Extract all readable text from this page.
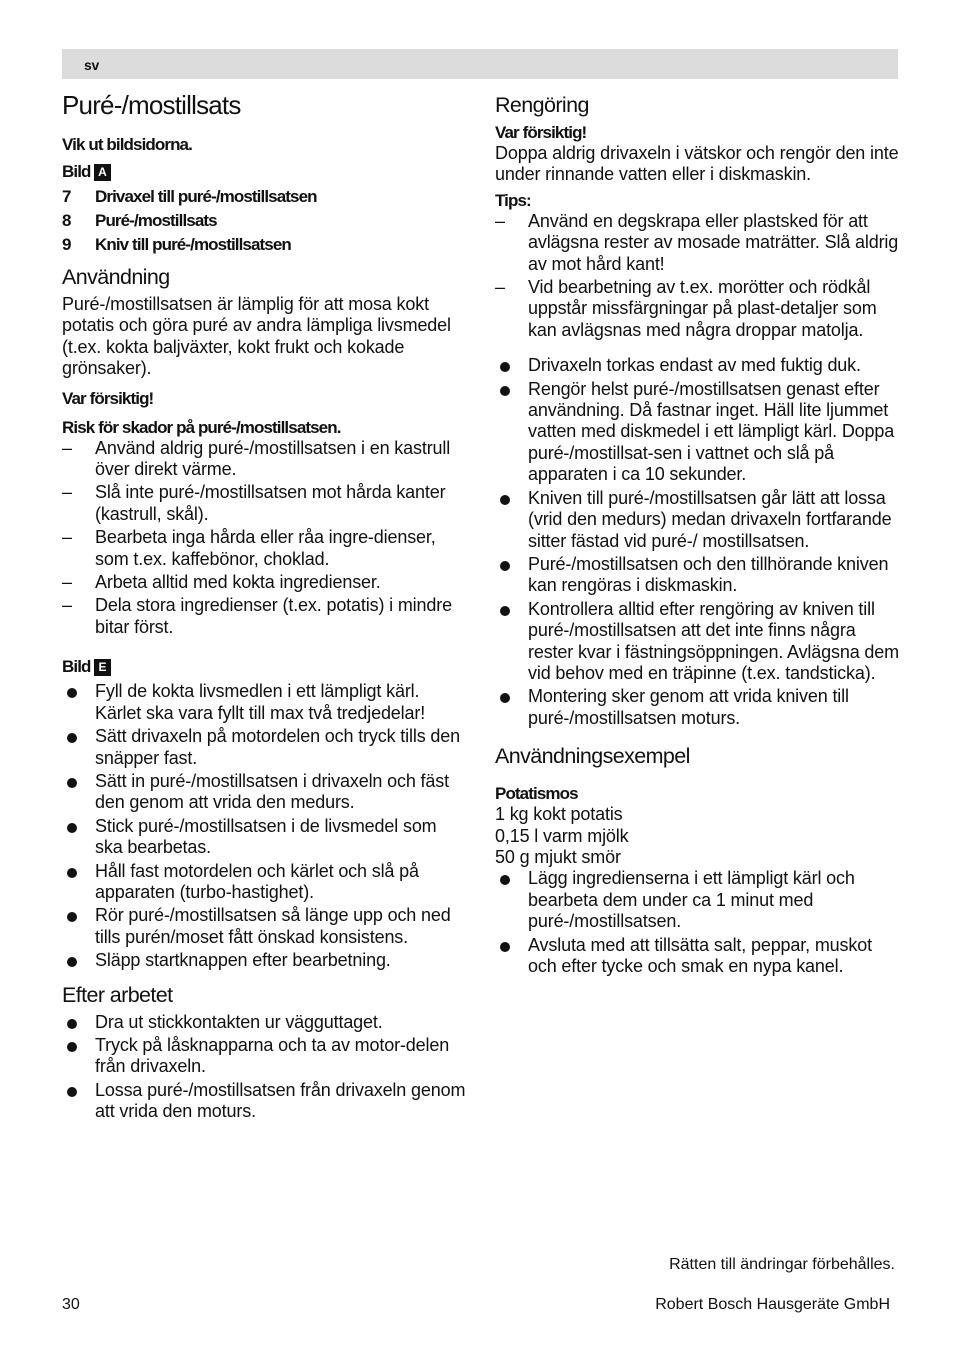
sv
Puré-/mostillsats

Vik ut bildsidorna.

Bild A

7 Drivaxel till puré-/mostillsatsen
8 Puré-/mostillsats
9 Kniv till puré-/mostillsatsen
Användning

Puré-/mostillsatsen är lämplig för att mosa kokt potatis och göra puré av andra lämpliga livsmedel (t.ex. kokta baljväxter, kokt frukt och kokade grönsaker).

Var försiktig!

Risk för skador på puré-/mostillsatsen.

– Använd aldrig puré-/mostillsatsen i en kastrull över direkt värme.
– Slå inte puré-/mostillsatsen mot hårda kanter (kastrull, skål).
– Bearbeta inga hårda eller råa ingre-dienser, som t.ex. kaffebönor, choklad.
– Arbeta alltid med kokta ingredienser.
– Dela stora ingredienser (t.ex. potatis) i mindre bitar först.

Bild E

Fyll de kokta livsmedlen i ett lämpligt kärl. Kärlet ska vara fyllt till max två tredjedelar!
Sätt drivaxeln på motordelen och tryck tills den snäpper fast.
Sätt in puré-/mostillsatsen i drivaxeln och fäst den genom att vrida den medurs.
Stick puré-/mostillsatsen i de livsmedel som ska bearbetas.
Håll fast motordelen och kärlet och slå på apparaten (turbo-hastighet).
Rör puré-/mostillsatsen så länge upp och ned tills purén/moset fått önskad konsistens.
Släpp startknappen efter bearbetning.
Efter arbetet
Dra ut stickkontakten ur vägguttaget.
Tryck på låsknapparna och ta av motor-delen från drivaxeln.
Lossa puré-/mostillsatsen från drivaxeln genom att vrida den moturs.
Rengöring

Var försiktig!

Doppa aldrig drivaxeln i vätskor och rengör den inte under rinnande vatten eller i diskmaskin.

Tips:

– Använd en degskrapa eller plastsked för att avlägsna rester av mosade maträtter. Slå aldrig av mot hård kant!
– Vid bearbetning av t.ex. morötter och rödkål uppstår missfärgningar på plast-detaljer som kan avlägsnas med några droppar matolja.
Drivaxeln torkas endast av med fuktig duk.
Rengör helst puré-/mostillsatsen genast efter användning. Då fastnar inget. Häll lite ljummet vatten med diskmedel i ett lämpligt kärl. Doppa puré-/mostillsat-sen i vattnet och slå på apparaten i ca 10 sekunder.
Kniven till puré-/mostillsatsen går lätt att lossa (vrid den medurs) medan drivaxeln fortfarande sitter fästad vid puré-/ mostillsatsen.
Puré-/mostillsatsen och den tillhörande kniven kan rengöras i diskmaskin.
Kontrollera alltid efter rengöring av kniven till puré-/mostillsatsen att det inte finns några rester kvar i fästningsöppningen. Avlägsna dem vid behov med en träpinne (t.ex. tandsticka).
Montering sker genom att vrida kniven till puré-/mostillsatsen moturs.
Användningsexempel

Potatismos

1 kg kokt potatis

0,15 l varm mjölk

50 g mjukt smör

Lägg ingredienserna i ett lämpligt kärl och bearbeta dem under ca 1 minut med puré-/mostillsatsen.
Avsluta med att tillsätta salt, peppar, muskot och efter tycke och smak en nypa kanel.
Rätten till ändringar förbehålles.
30	Robert Bosch Hausgeräte GmbH
